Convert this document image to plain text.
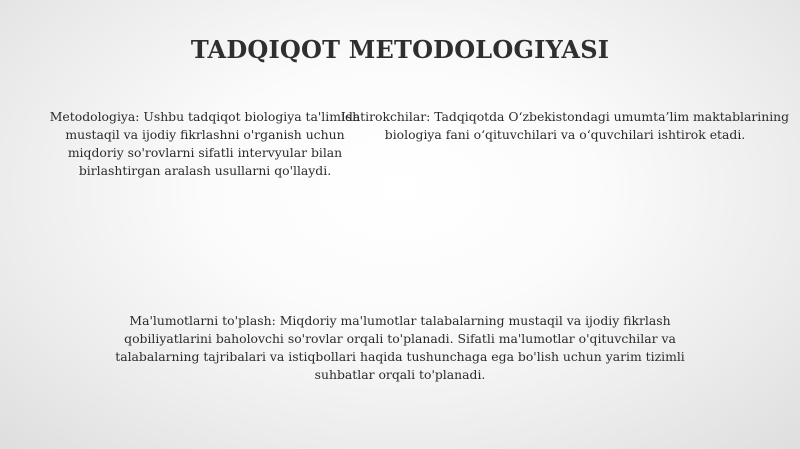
TADQIQOT METODOLOGIYASI

Metodologiya: Ushbu tadqiqot biologiya ta'limida mustaqil va ijodiy fikrlashni o'rganish uchun miqdoriy so'rovlarni sifatli intervyular bilan birlashtirgan aralash usullarni qo'llaydi.

Ishtirokchilar: Tadqiqotda O‘zbekistondagi umumta’lim maktablarining biologiya fani o‘qituvchilari va o‘quvchilari ishtirok etadi.

Ma'lumotlarni to'plash: Miqdoriy ma'lumotlar talabalarning mustaqil va ijodiy fikrlash qobiliyatlarini baholovchi so'rovlar orqali to'planadi. Sifatli ma'lumotlar o'qituvchilar va talabalarning tajribalari va istiqbollari haqida tushunchaga ega bo'lish uchun yarim tizimli suhbatlar orqali to'planadi.
